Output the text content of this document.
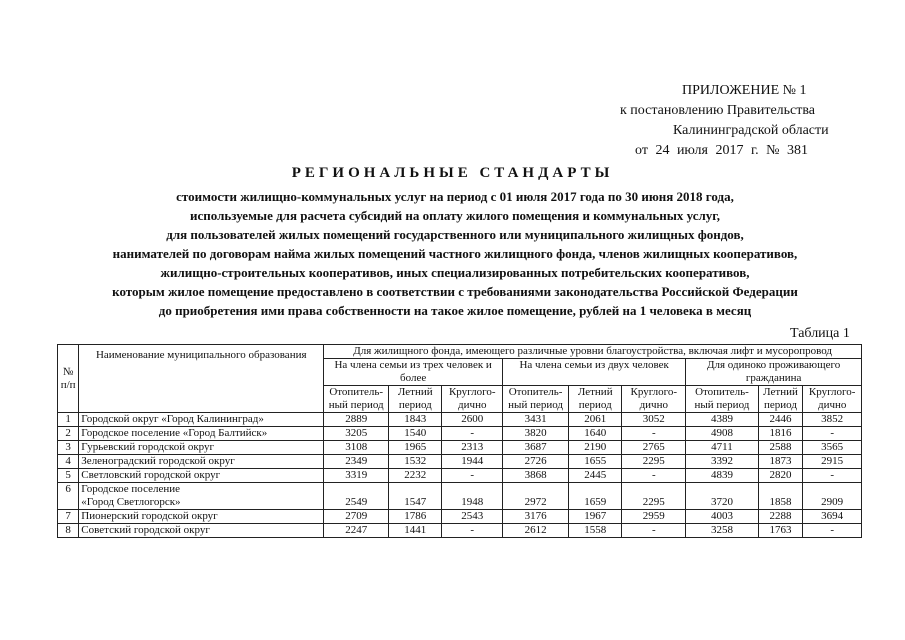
ПРИЛОЖЕНИЕ № 1
к постановлению Правительства
Калининградской области
от 24 июля 2017 г. № 381
РЕГИОНАЛЬНЫЕ СТАНДАРТЫ
стоимости жилищно-коммунальных услуг на период с 01 июля 2017 года по 30 июня 2018 года,
используемые для расчета субсидий на оплату жилого помещения и коммунальных услуг,
для пользователей жилых помещений государственного или муниципального жилищных фондов,
нанимателей по договорам найма жилых помещений частного жилищного фонда, членов жилищных кооперативов,
жилищно-строительных кооперативов, иных специализированных потребительских кооперативов,
которым жилое помещение предоставлено в соответствии с требованиями законодательства Российской Федерации
до приобретения ими права собственности на такое жилое помещение, рублей на 1 человека в месяц
Таблица 1
№ п/п	Наименование муниципального образования	Для жилищного фонда, имеющего различные уровни благоустройства, включая лифт и мусоропровод								
		На члена семьи из трех человек и более			На члена семьи из двух человек			Для одиноко проживающего гражданина		
		Отопитель-ный период	Летний период	Круглого-дично	Отопитель-ный период	Летний период	Круглого-дично	Отопитель-ный период	Летний период	Круглого-дично
1	Городской округ «Город Калининград»	2889	1843	2600	3431	2061	3052	4389	2446	3852
2	Городское поселение «Город Балтийск»	3205	1540	-	3820	1640	-	4908	1816	-
3	Гурьевский городской округ	3108	1965	2313	3687	2190	2765	4711	2588	3565
4	Зеленоградский городской округ	2349	1532	1944	2726	1655	2295	3392	1873	2915
5	Светловский городской округ	3319	2232	-	3868	2445	-	4839	2820	-
6	Городское поселение
«Город Светлогорск»	2549	1547	1948	2972	1659	2295	3720	1858	2909
7	Пионерский городской округ	2709	1786	2543	3176	1967	2959	4003	2288	3694
8	Советский городской округ	2247	1441	-	2612	1558	-	3258	1763	-
